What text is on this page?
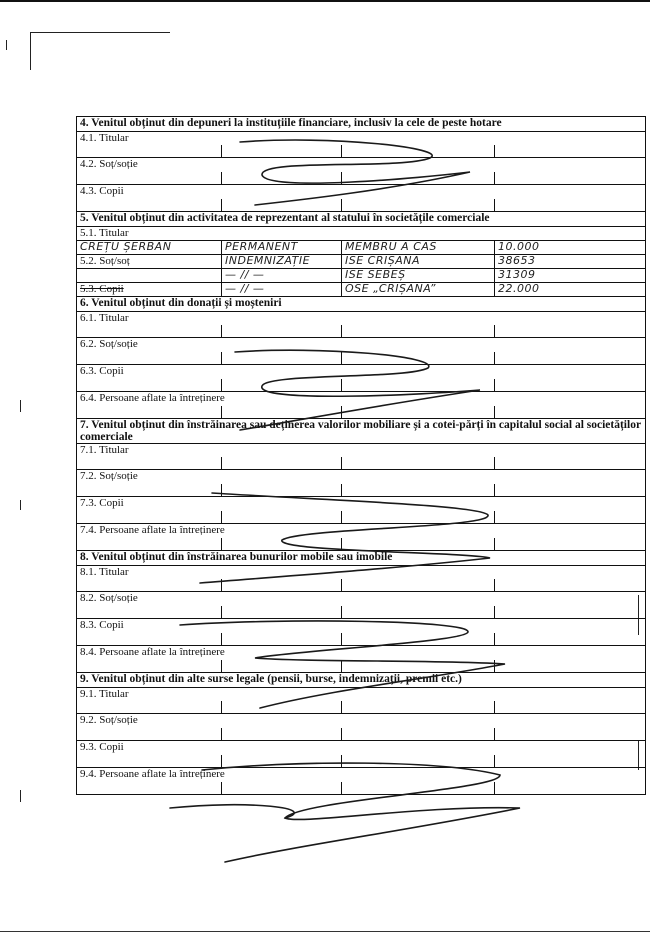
4. Venitul obținut din depuneri la instituțiile financiare, inclusiv la cele de peste hotare			
4.1. Titular			

4.2. Soț/soție			

4.3. Copii			

5. Venitul obținut din activitatea de reprezentant al statului în societățile comerciale			
5.1. Titular			
CREȚU ȘERBAN	PERMANENT	MEMBRU A CAS	10.000
5.2. Soț/soț	INDEMNIZAȚIE	ISE CRIȘANA	38653
	— // —	ISE SEBEȘ	31309
5.3. Copii	— // —	OSE „CRIȘANA”	22.000
6. Venitul obținut din donații și moșteniri			
6.1. Titular			

6.2. Soț/soție			

6.3. Copii			

6.4. Persoane aflate la întreținere			

7. Venitul obținut din înstrăinarea sau deținerea valorilor mobiliare și a cotei-părți în capitalul social al societăților comerciale			
7.1. Titular			

7.2. Soț/soție			

7.3. Copii			

7.4. Persoane aflate la întreținere			

8. Venitul obținut din înstrăinarea bunurilor mobile sau imobile			
8.1. Titular			

8.2. Soț/soție			

8.3. Copii			

8.4. Persoane aflate la întreținere			

9. Venitul obținut din alte surse legale (pensii, burse, indemnizații, premii etc.)			
9.1. Titular			

9.2. Soț/soție			

9.3. Copii			

9.4. Persoane aflate la întreținere			
